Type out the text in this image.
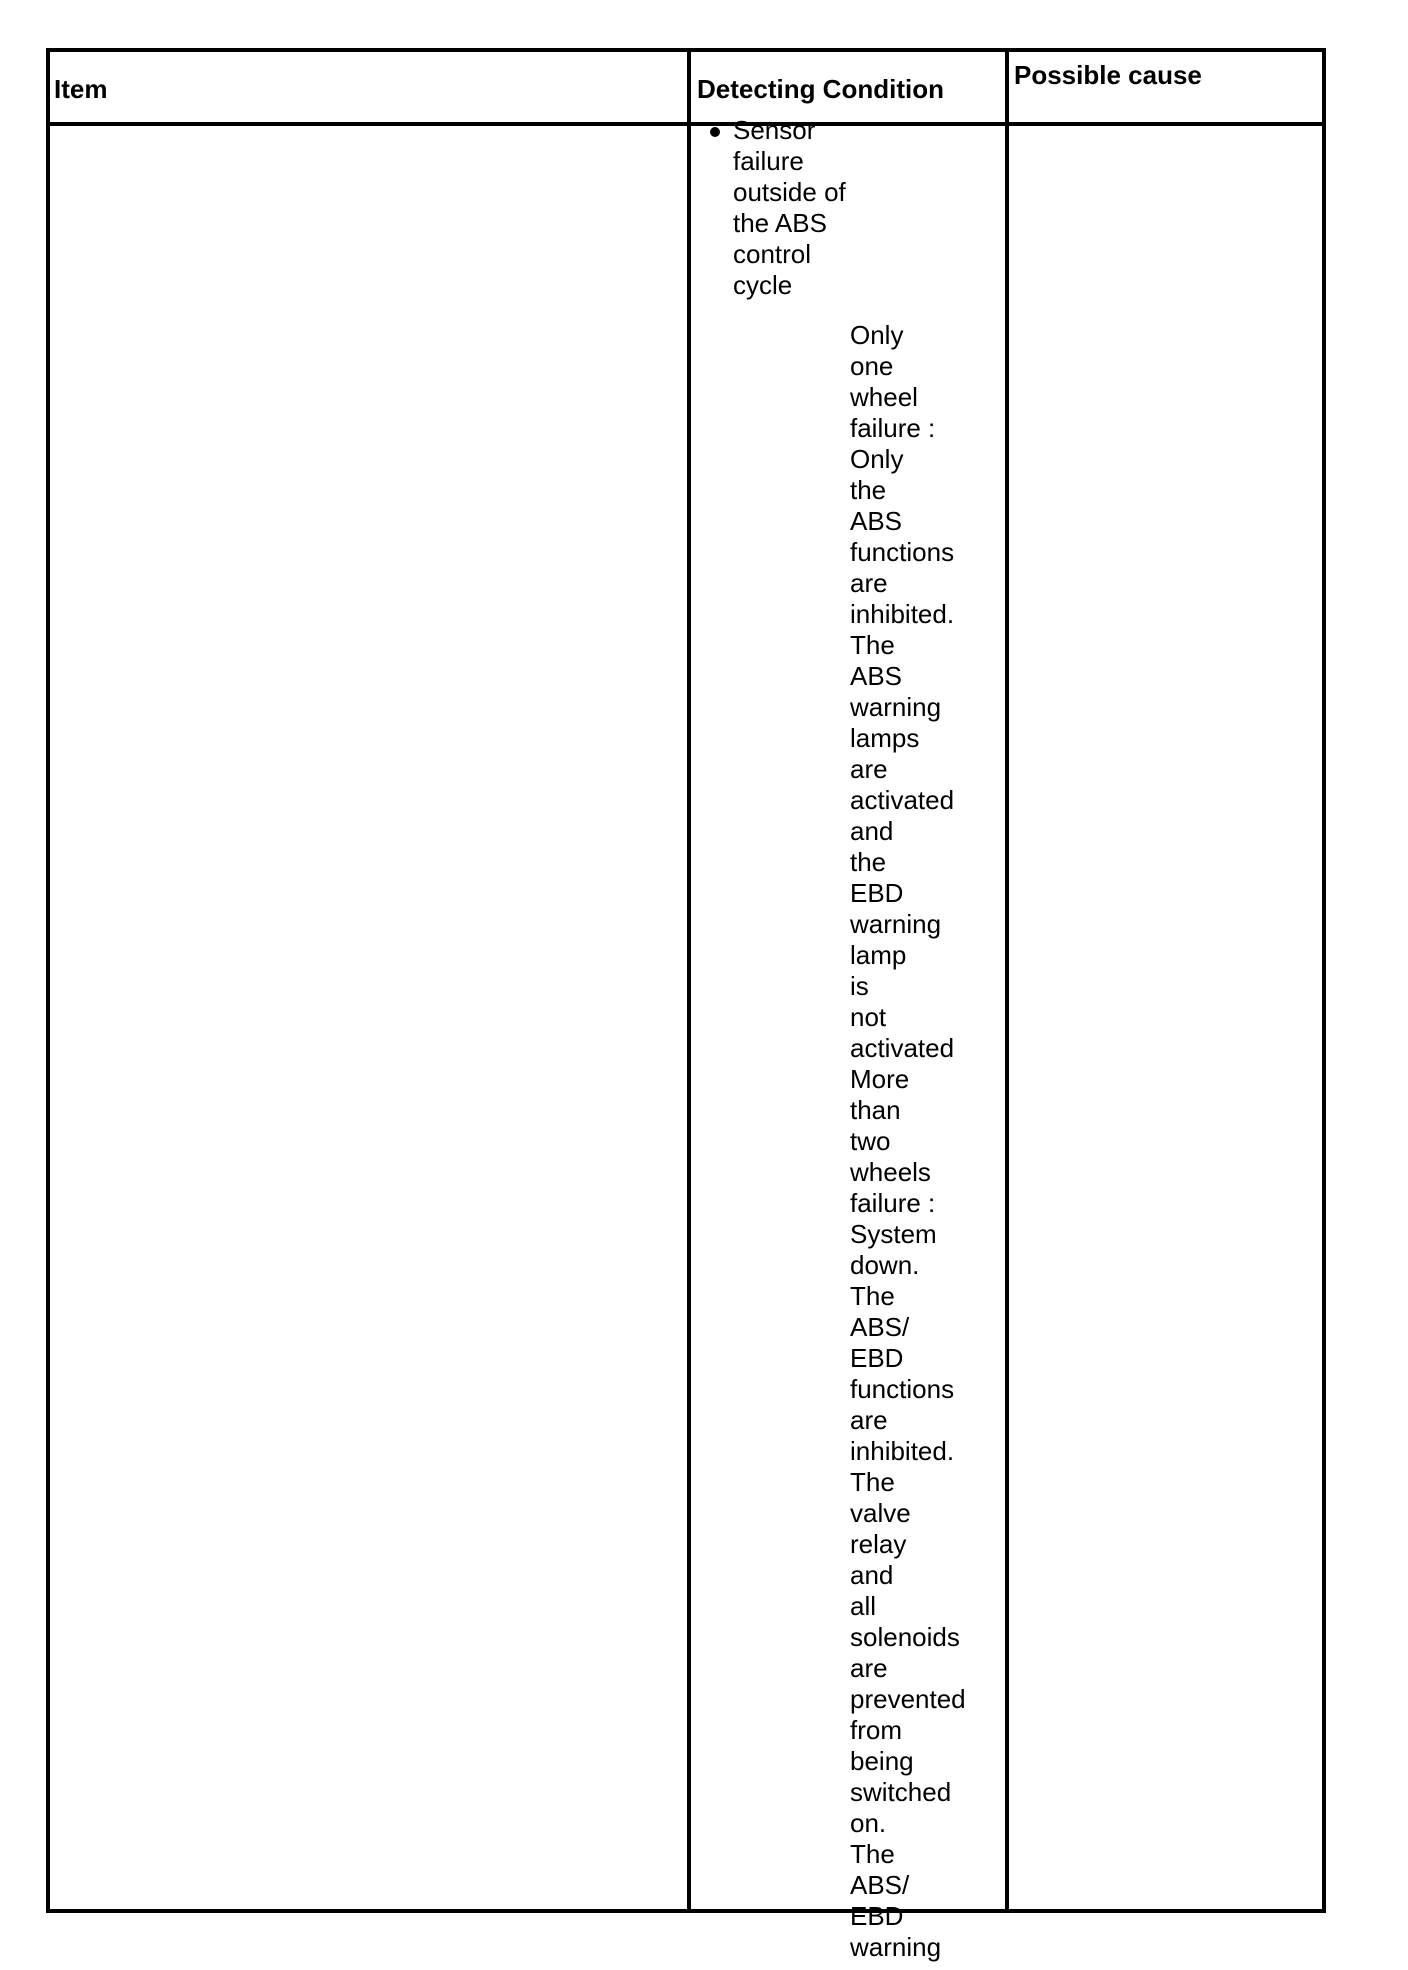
Item	Detecting Condition	Possible cause

Sensor failure outside of the ABS control cycle

Only
one
wheel
failure :
Only
the
ABS
functions
are
inhibited.
The
ABS
warning
lamps
are
activated
and
the
EBD
warning
lamp
is
not
activated
More
than
two
wheels
failure :
System
down.
The
ABS/ EBD
functions
are
inhibited.
The
valve
relay
and
all
solenoids
are
prevented
from
being
switched
on.
The
ABS/ EBD
warning
